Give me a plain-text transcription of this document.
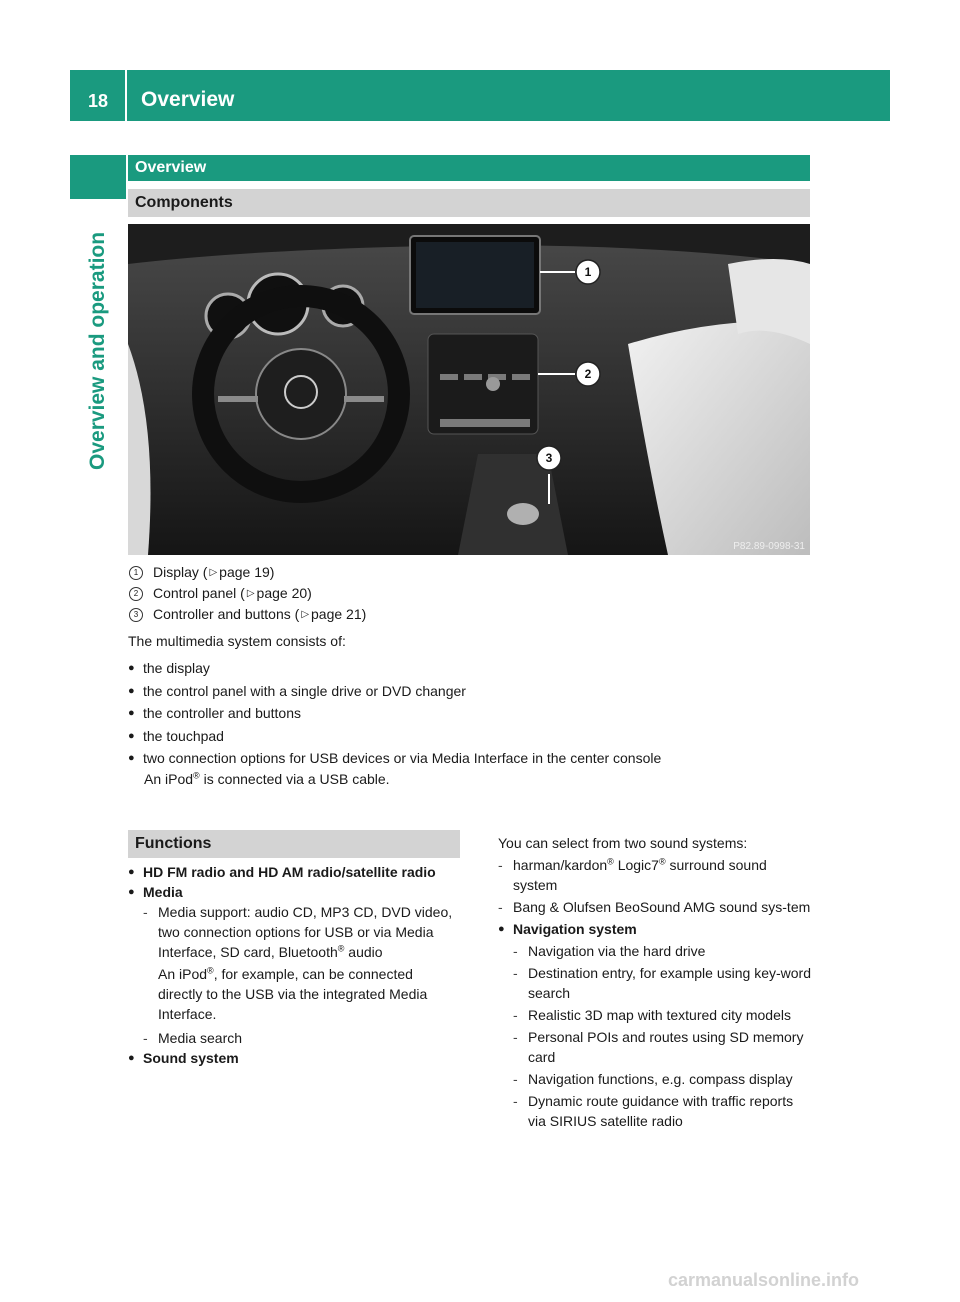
18	Overview
Overview and operation
Overview
Components
1
2
3
P82.89-0998-31
1	Display ( ▷ page 19)
2	Control panel ( ▷ page 20)
3	Controller and buttons ( ▷ page 21)
The multimedia system consists of:
● the display
● the control panel with a single drive or DVD changer
● the controller and buttons
● the touchpad
● two connection options for USB devices or via Media Interface in the center console
An iPod® is connected via a USB cable.
Functions
● HD FM radio and HD AM radio/satellite radio
● Media
- Media support: audio CD, MP3 CD, DVD video, two connection options for USB or via Media Interface, SD card, Bluetooth® audio
An iPod®, for example, can be connected directly to the USB via the integrated Media Interface.
- Media search
● Sound system
You can select from two sound systems:
- harman/kardon® Logic7® surround sound system
- Bang & Olufsen BeoSound AMG sound sys-tem
● Navigation system
- Navigation via the hard drive
- Destination entry, for example using key-word search
- Realistic 3D map with textured city models
- Personal POIs and routes using SD memory card
- Navigation functions, e.g. compass display
- Dynamic route guidance with traffic reports via SIRIUS satellite radio
carmanualsonline.info
